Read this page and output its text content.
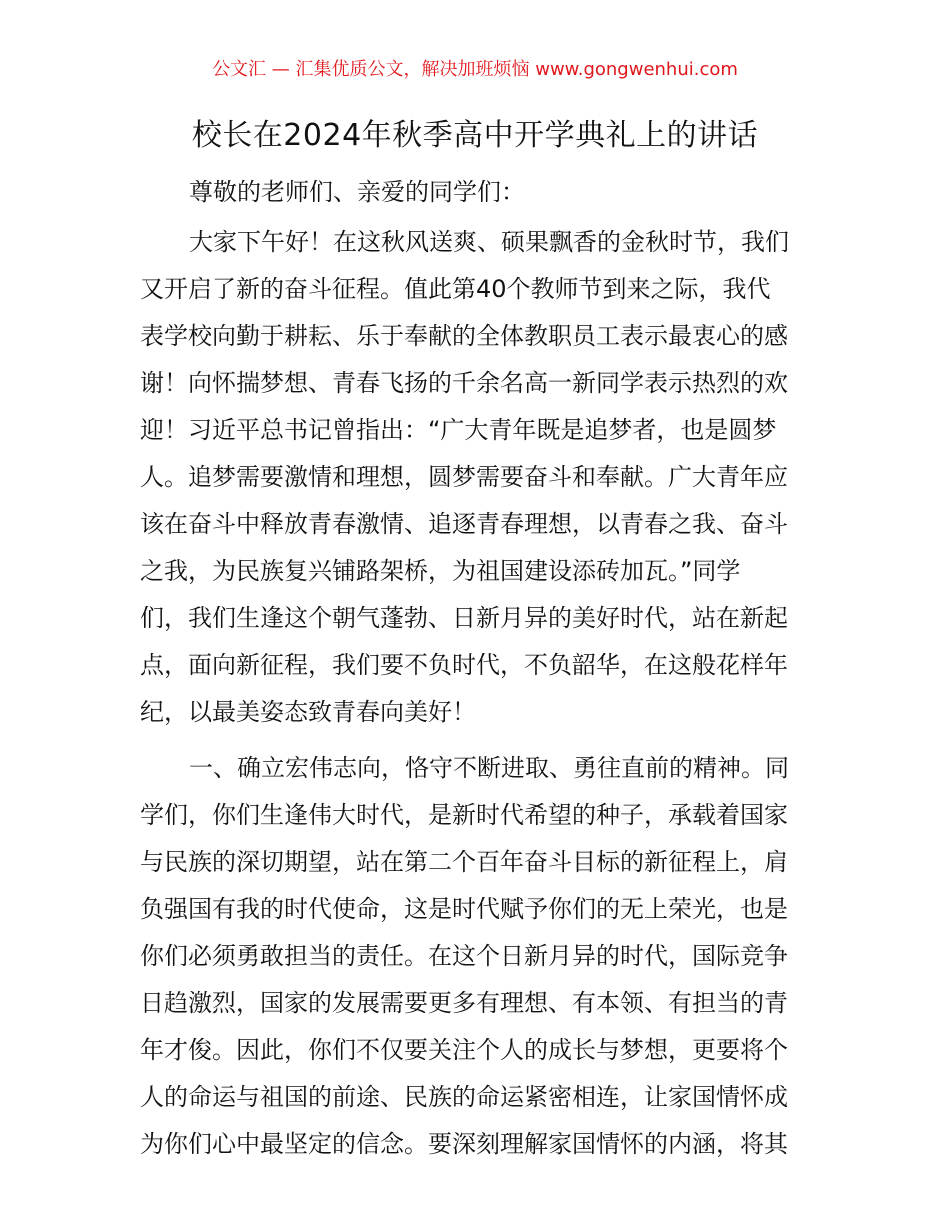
公文汇 — 汇集优质公文，解决加班烦恼 www.gongwenhui.com
校长在2024年秋季高中开学典礼上的讲话
尊敬的老师们、亲爱的同学们：
大家下午好！在这秋风送爽、硕果飘香的金秋时节，我们
又开启了新的奋斗征程。值此第40个教师节到来之际，我代
表学校向勤于耕耘、乐于奉献的全体教职员工表示最衷心的感
谢！向怀揣梦想、青春飞扬的千余名高一新同学表示热烈的欢
迎！习近平总书记曾指出：“广大青年既是追梦者，也是圆梦
人。追梦需要激情和理想，圆梦需要奋斗和奉献。广大青年应
该在奋斗中释放青春激情、追逐青春理想，以青春之我、奋斗
之我，为民族复兴铺路架桥，为祖国建设添砖加瓦。”同学
们，我们生逢这个朝气蓬勃、日新月异的美好时代，站在新起
点，面向新征程，我们要不负时代，不负韶华，在这般花样年
纪，以最美姿态致青春向美好！
一、确立宏伟志向，恪守不断进取、勇往直前的精神。同
学们，你们生逢伟大时代，是新时代希望的种子，承载着国家
与民族的深切期望，站在第二个百年奋斗目标的新征程上，肩
负强国有我的时代使命，这是时代赋予你们的无上荣光，也是
你们必须勇敢担当的责任。在这个日新月异的时代，国际竞争
日趋激烈，国家的发展需要更多有理想、有本领、有担当的青
年才俊。因此，你们不仅要关注个人的成长与梦想，更要将个
人的命运与祖国的前途、民族的命运紧密相连，让家国情怀成
为你们心中最坚定的信念。要深刻理解家国情怀的内涵，将其
